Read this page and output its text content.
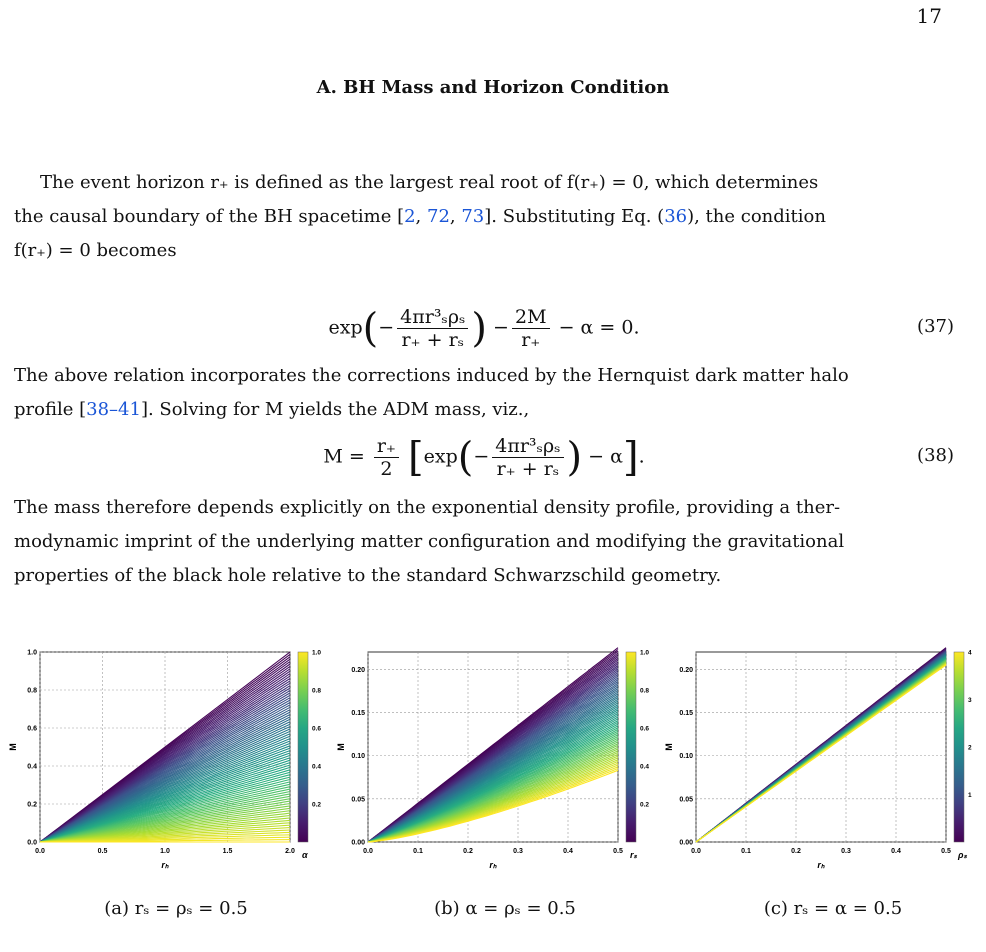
17
A. BH Mass and Horizon Condition

The event horizon r₊ is defined as the largest real root of f(r₊) = 0, which determines

the causal boundary of the BH spacetime [2, 72, 73]. Substituting Eq. (36), the condition

f(r₊) = 0 becomes

$\exp(- \frac{\text{4πr³ₛρₛ}}{\text{r₊ + rₛ}}$ ) − $\frac{2M}{r_+} - \alpha = 0$.	(37)

The above relation incorporates the corrections induced by the Hernquist dark matter halo

profile [38–41]. Solving for M yields the ADM mass, viz.,

$M = \frac{r_+}{2} [\exp(- \frac{\text{4πr³ₛρₛ}}{\text{r₊ + rₛ}}$ ) − α].	(38)

The mass therefore depends explicitly on the exponential density profile, providing a ther-

modynamic imprint of the underlying matter configuration and modifying the gravitational

properties of the black hole relative to the standard Schwarzschild geometry.

0.0	0.5	1.0	1.5	2.0
0.0
0.2
0.4
0.6
0.8
1.0
rₕ
M
0.2
0.4
0.6
0.8
1.0
α	0.0	0.1	0.2	0.3	0.4	0.5
0.00
0.05
0.10
0.15
0.20
rₕ
M
0.2
0.4
0.6
0.8
1.0
rₛ	0.0	0.1	0.2	0.3	0.4	0.5
0.00
0.05
0.10
0.15
0.20
rₕ
M
1
2
3
4
ρₛ
(a) rₛ = ρₛ = 0.5	(b) α = ρₛ = 0.5	(c) rₛ = α = 0.5
